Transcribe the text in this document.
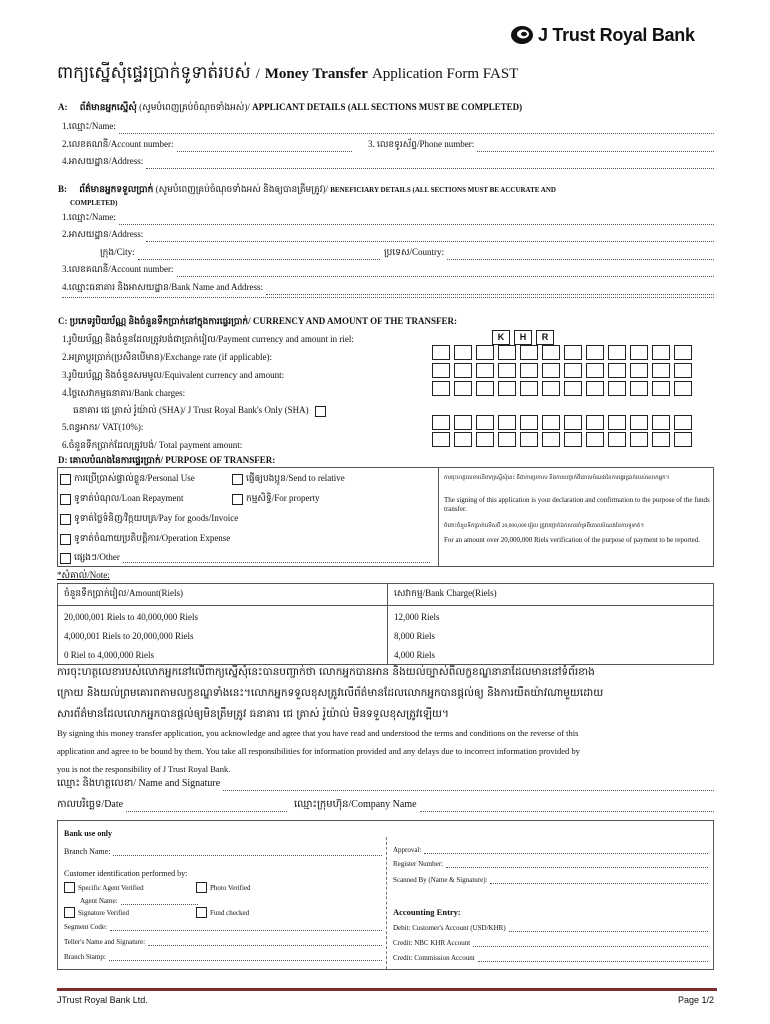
J Trust Royal Bank
ពាក្យស្នើសុំផ្ទេរប្រាក់ទូទាត់របស់ / Money Transfer Application Form FAST
A: ព័ត៌មានអ្នកស្នើសុំ (សូមបំពេញគ្រប់ចំណុចទាំងអស់)/ APPLICANT DETAILS (ALL SECTIONS MUST BE COMPLETED)
1.ឈ្មោះ/Name:
2.លេខគណនី/Account number:	3. លេខទូរស័ព្ទ/Phone number:
4.អាសយដ្ឋាន/Address:
B: ព័ត៌មានអ្នកទទួលប្រាក់ (សូមបំពេញគ្រប់ចំណុចទាំងអស់ និងឲ្យបានត្រឹមត្រូវ)/ BENEFICIARY DETAILS (ALL SECTIONS MUST BE ACCURATE AND
COMPLETED)
1.ឈ្មោះ/Name:
2.អាសយដ្ឋាន/Address:
ក្រុង/City:	ប្រទេស/Country:
3.លេខគណនី/Account number:
4.ឈ្មោះធនាគារ និងអាសយដ្ឋាន/Bank Name and Address:
C: ប្រភេទរូបិយប័ណ្ណ និងចំនួនទឹកប្រាក់នៅក្នុងការផ្ទេរប្រាក់/ CURRENCY AND AMOUNT OF THE TRANSFER:
1.រូបិយប័ណ្ណ និងចំនួនដែលត្រូវបង់ជាប្រាក់រៀល/Payment currency and amount in riel:	K	H	R
2.អត្រាប្តូរប្រាក់(ប្រសិនបើមាន)/Exchange rate (if applicable):
3.រូបិយប័ណ្ណ និងចំនួនសមមូល/Equivalent currency and amount:
4.ថ្លៃសេវាកម្មធនាគារ/Bank charges:
ធនាគារ ជេ ត្រាស់ រ៉ូយ៉ាល់ (SHA)/ J Trust Royal Bank's Only (SHA)
5.ពន្ធអាករ/ VAT(10%):
6.ចំនួនទឹកប្រាក់ដែលត្រូវបង់/ Total payment amount:
D: គោលបំណងនៃការផ្ទេរប្រាក់/ PURPOSE OF TRANSFER:
ការប្រើប្រាស់ផ្ទាល់ខ្លួន/Personal Use	ផ្ញើឲ្យបងប្អូន/Send to relative
ទូទាត់បំណុល/Loan Repayment	កម្មសិទ្ធិ/For property
ទូទាត់ថ្លៃទំនិញ/វិក្កយបត្រ/Pay for goods/Invoice
ទូទាត់ចំណាយប្រតិបត្តិការ/Operation Expense
ផ្សេងៗ/Other
ការចុះហត្ថលេខាលើពាក្យស្នើសុំនេះ គឺជាការប្រកាស និងការបញ្ជាក់ពីគោលបំណងនៃការផ្ទេរប្រាក់របស់លោកអ្នក។
The signing of this application is your declaration and confirmation to the purpose of the funds transfer.
ចំពោះចំនួនទឹកប្រាក់លើសពី 20,000,000 រៀល ត្រូវបញ្ជាក់ឯកសារគាំទ្រពីគោលបំណងនៃការទូទាត់។
For an amount over 20,000,000 Riels verification of the purpose of payment to be reported.
*សំគាល់/Note:
ចំនួនទឹកប្រាក់រៀល/Amount(Riels)	សេវាកម្ម/Bank Charge(Riels)
20,000,001 Riels to 40,000,000 Riels	12,000 Riels
4,000,001 Riels to 20,000,000 Riels	8,000 Riels
0 Riel to 4,000,000 Riels	4,000 Riels
ការចុះហត្ថលេខារបស់លោកអ្នកនៅលើពាក្យស្នើសុំនេះបានបញ្ជាក់ថា លោកអ្នកបានអាន និងយល់ច្បាស់ពីលក្ខខណ្ឌនានាដែលមាននៅទំព័រខាង
ក្រោយ និងយល់ព្រមគោរពតាមលក្ខខណ្ឌទាំងនេះ។លោកអ្នកទទួលខុសត្រូវលើព័ត៌មានដែលលោកអ្នកបានផ្តល់ឲ្យ និងការយឺតយ៉ាវណាមួយដោយ
សារព័ត៌មានដែលលោកអ្នកបានផ្តល់ឲ្យមិនត្រឹមត្រូវ ធនាគារ ជេ ត្រាស់ រ៉ូយ៉ាល់ មិនទទួលខុសត្រូវឡើយ។
By signing this money transfer application, you acknowledge and agree that you have read and understood the terms and conditions on the reverse of this
application and agree to be bound by them. You take all responsibilities for information provided and any delays due to incorrect information provided by
you is not the responsibility of J Trust Royal Bank.
ឈ្មោះ និងហត្ថលេខា/ Name and Signature
កាលបរិច្ឆេទ/Date	ឈ្មោះក្រុមហ៊ុន/Company Name
Bank use only
Branch Name:
Customer identification performed by:
Specific Agent Verified	Photo Verified
Agent Name:
Signature Verified	Fund checked
Segment Code:
Teller's Name and Signature:
Branch Stamp:
Approval:
Register Number:
Scanned By (Name & Signature):
Accounting Entry:
Debit: Customer's Account (USD/KHR)
Credit: NBC KHR Account
Credit: Commission Account
JTrust Royal Bank Ltd.	Page 1/2
